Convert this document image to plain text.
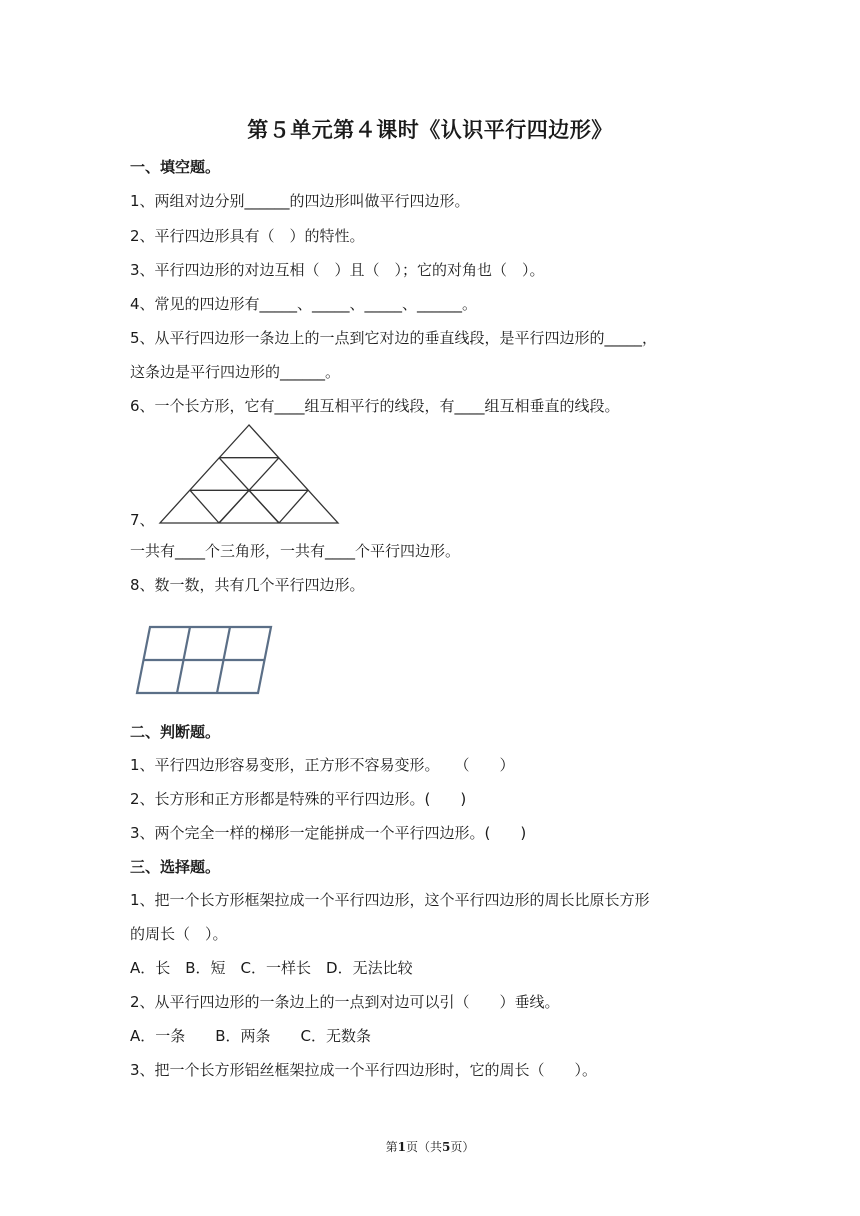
第５单元第４课时《认识平行四边形》
一、填空题。
1、两组对边分别______的四边形叫做平行四边形。
2、平行四边形具有（　）的特性。
3、平行四边形的对边互相（　）且（　）；它的对角也（　）。
4、常见的四边形有_____、_____、_____、______。
5、从平行四边形一条边上的一点到它对边的垂直线段，是平行四边形的_____，
这条边是平行四边形的______。
6、一个长方形，它有____组互相平行的线段，有____组互相垂直的线段。
7、
一共有____个三角形，一共有____个平行四边形。
8、数一数，共有几个平行四边形。
二、判断题。
1、平行四边形容易变形，正方形不容易变形。　　（　　）
2、长方形和正方形都是特殊的平行四边形。(　　)
3、两个完全一样的梯形一定能拼成一个平行四边形。(　　)
三、选择题。
1、把一个长方形框架拉成一个平行四边形，这个平行四边形的周长比原长方形
的周长（　）。
A．长　B．短　C．一样长　D．无法比较
2、从平行四边形的一条边上的一点到对边可以引（　　）垂线。
A．一条　　B．两条　　C．无数条
3、把一个长方形铝丝框架拉成一个平行四边形时，它的周长（　　）。
第1页（共5页）
